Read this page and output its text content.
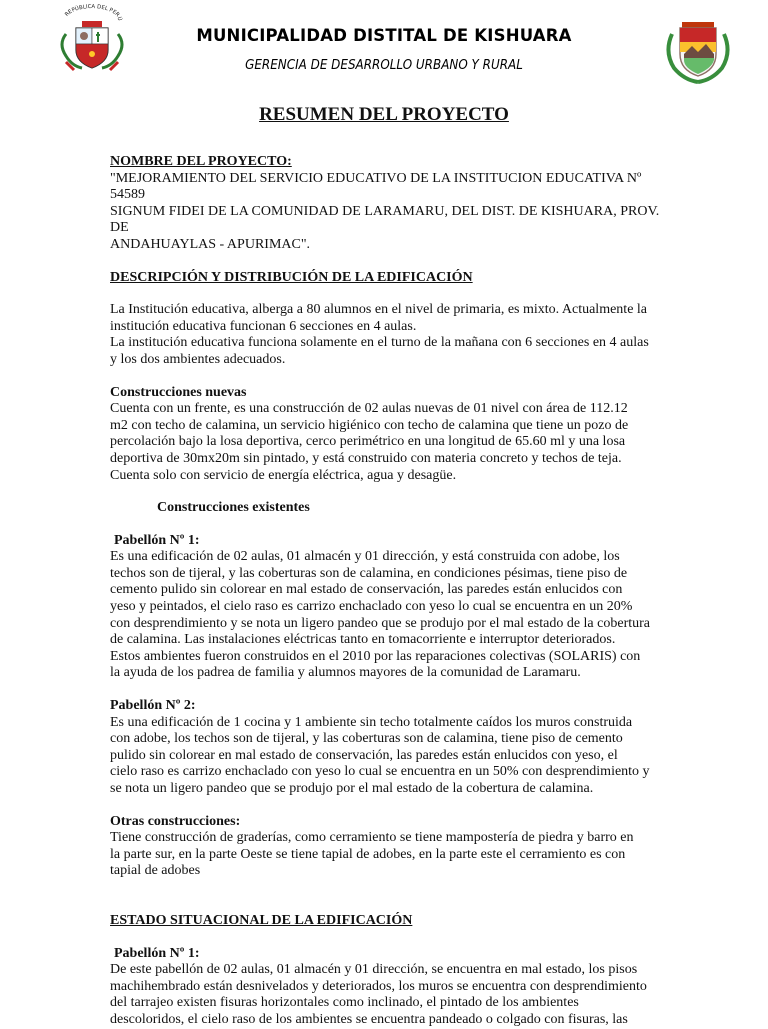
REPÚBLICA DEL PERÚ
MUNICIPALIDAD DISTITAL DE KISHUARA
GERENCIA DE DESARROLLO URBANO Y RURAL
RESUMEN DEL PROYECTO

NOMBRE DEL PROYECTO:

"MEJORAMIENTO DEL SERVICIO EDUCATIVO DE LA INSTITUCION EDUCATIVA Nº 54589

SIGNUM FIDEI DE LA COMUNIDAD DE LARAMARU, DEL DIST. DE KISHUARA, PROV. DE

ANDAHUAYLAS - APURIMAC".

DESCRIPCIÓN Y DISTRIBUCIÓN DE LA EDIFICACIÓN

La Institución educativa, alberga a 80 alumnos en el nivel de primaria, es mixto. Actualmente la

institución educativa funcionan 6 secciones en 4 aulas.

La institución educativa funciona solamente en el turno de la mañana con 6 secciones en 4 aulas

y los dos ambientes adecuados.

Construcciones nuevas

Cuenta con un frente, es una construcción de 02 aulas nuevas de 01 nivel con área de 112.12

m2 con techo de calamina, un servicio higiénico con techo de calamina que tiene un pozo de

percolación bajo la losa deportiva, cerco perimétrico en una longitud de 65.60 ml y una losa

deportiva de 30mx20m sin pintado, y está construido con materia concreto y techos de teja.

Cuenta solo con servicio de energía eléctrica, agua y desagüe.

Construcciones existentes

Pabellón Nº 1:

Es una edificación de 02 aulas, 01 almacén y 01 dirección, y está construida con adobe, los

techos son de tijeral, y las coberturas son de calamina, en condiciones pésimas, tiene piso de

cemento pulido sin colorear en mal estado de conservación, las paredes están enlucidos con

yeso y peintados, el cielo raso es carrizo enchaclado con yeso lo cual se encuentra en un 20%

con desprendimiento y se nota un ligero pandeo que se produjo por el mal estado de la cobertura

de calamina. Las instalaciones eléctricas tanto en tomacorriente e interruptor deteriorados.

Estos ambientes fueron construidos en el 2010 por las reparaciones colectivas (SOLARIS) con

la ayuda de los padrea de familia y alumnos mayores de la comunidad de Laramaru.

Pabellón Nº 2:

Es una edificación de 1 cocina y 1 ambiente sin techo totalmente caídos los muros construida

con adobe, los techos son de tijeral, y las coberturas son de calamina, tiene piso de cemento

pulido sin colorear en mal estado de conservación, las paredes están enlucidos con yeso, el

cielo raso es carrizo enchaclado con yeso lo cual se encuentra en un 50% con desprendimiento y

se nota un ligero pandeo que se produjo por el mal estado de la cobertura de calamina.

Otras construcciones:

Tiene construcción de graderías, como cerramiento se tiene mampostería de piedra y barro en

la parte sur, en la parte Oeste se tiene tapial de adobes, en la parte este el cerramiento es con

tapial de adobes

ESTADO SITUACIONAL DE LA EDIFICACIÓN

Pabellón Nº 1:

De este pabellón de 02 aulas, 01 almacén y 01 dirección, se encuentra en mal estado, los pisos

machihembrado están desnivelados y deteriorados, los muros se encuentra con desprendimiento

del tarrajeo existen fisuras horizontales como inclinado, el pintado de los ambientes

descoloridos, el cielo raso de los ambientes se encuentra pandeado o colgado con fisuras, las
